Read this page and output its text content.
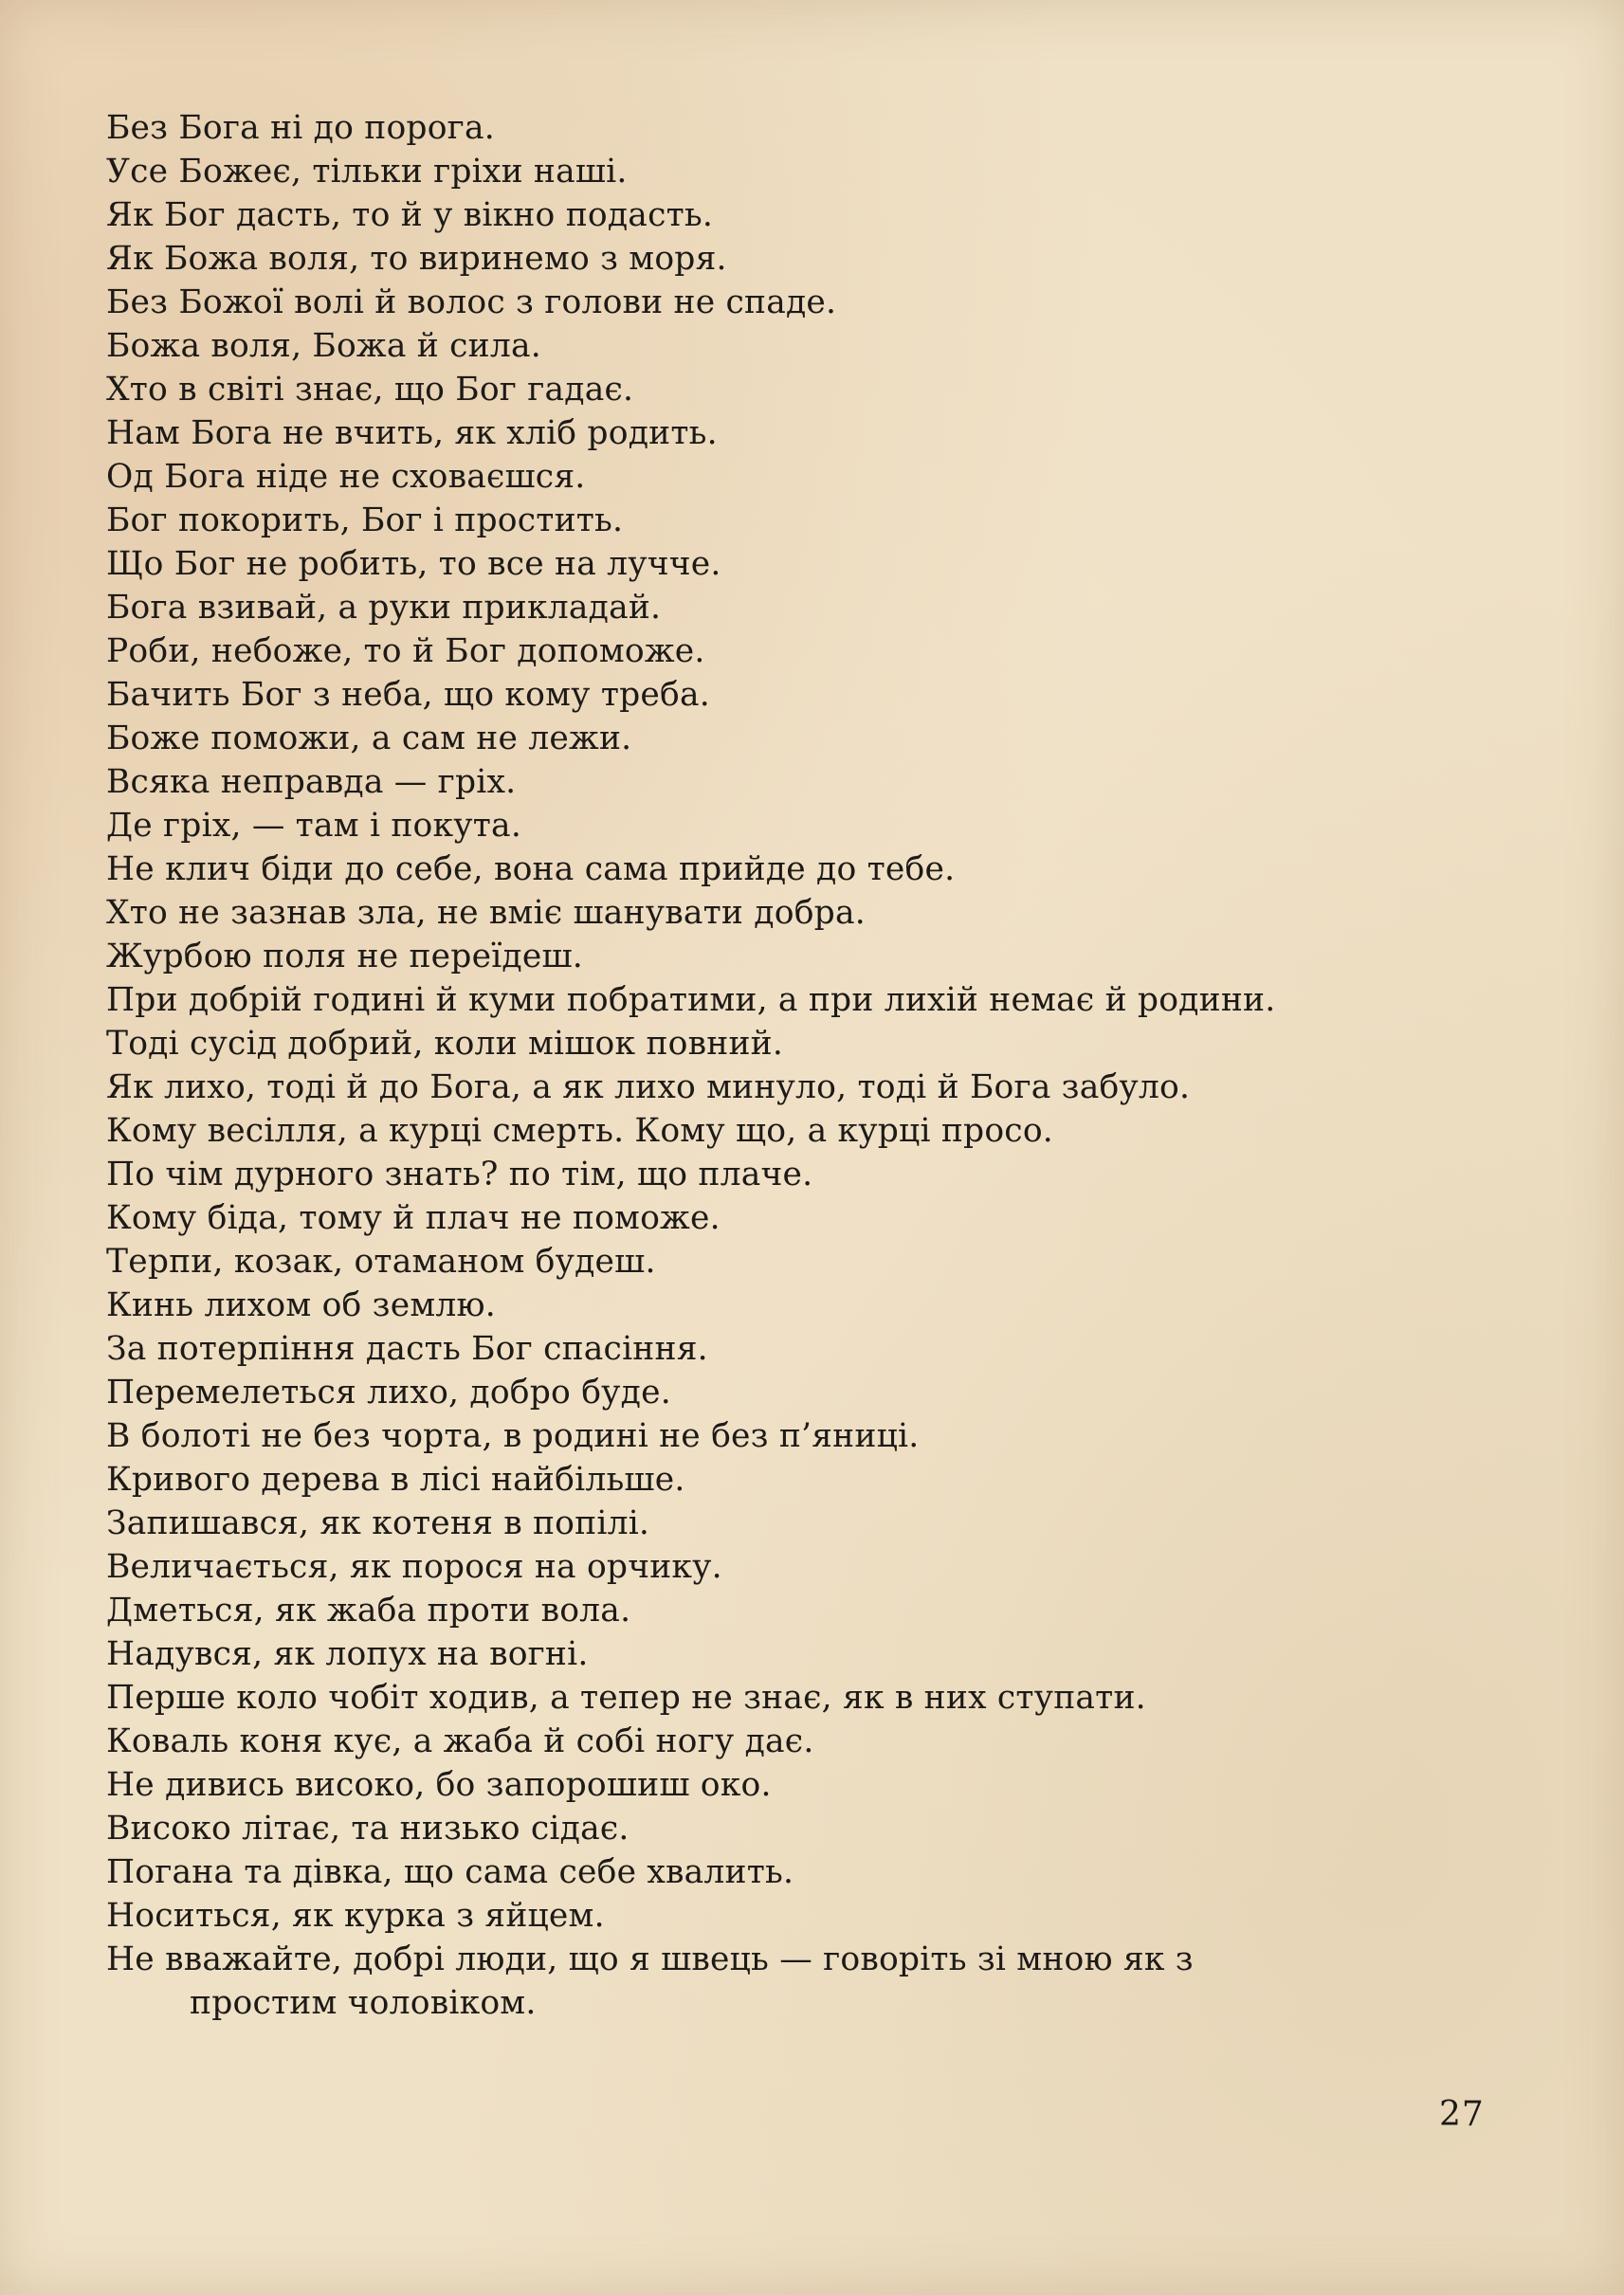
Без Бога ні до порога.
Усе Божеє, тільки гріхи наші.
Як Бог дасть, то й у вікно подасть.
Як Божа воля, то виринемо з моря.
Без Божої волі й волос з голови не спаде.
Божа воля, Божа й сила.
Хто в світі знає, що Бог гадає.
Нам Бога не вчить, як хліб родить.
Од Бога ніде не сховаєшся.
Бог покорить, Бог і простить.
Що Бог не робить, то все на лучче.
Бога взивай, а руки прикладай.
Роби, небоже, то й Бог допоможе.
Бачить Бог з неба, що кому треба.
Боже поможи, а сам не лежи.
Всяка неправда — гріх.
Де гріх, — там і покута.
Не клич біди до себе, вона сама прийде до тебе.
Хто не зазнав зла, не вміє шанувати добра.
Журбою поля не переїдеш.
При добрій годині й куми побратими, а при лихій немає й родини.
Тоді сусід добрий, коли мішок повний.
Як лихо, тоді й до Бога, а як лихо минуло, тоді й Бога забуло.
Кому весілля, а курці смерть. Кому що, а курці просо.
По чім дурного знать? по тім, що плаче.
Кому біда, тому й плач не поможе.
Терпи, козак, отаманом будеш.
Кинь лихом об землю.
За потерпіння дасть Бог спасіння.
Перемелеться лихо, добро буде.
В болоті не без чорта, в родині не без п’яниці.
Кривого дерева в лісі найбільше.
Запишався, як котеня в попілі.
Величається, як порося на орчику.
Дметься, як жаба проти вола.
Надувся, як лопух на вогні.
Перше коло чобіт ходив, а тепер не знає, як в них ступати.
Коваль коня кує, а жаба й собі ногу дає.
Не дивись високо, бо запорошиш око.
Високо літає, та низько сідає.
Погана та дівка, що сама себе хвалить.
Носиться, як курка з яйцем.
Не вважайте, добрі люди, що я швець — говоріть зі мною як з
простим чоловіком.
27
